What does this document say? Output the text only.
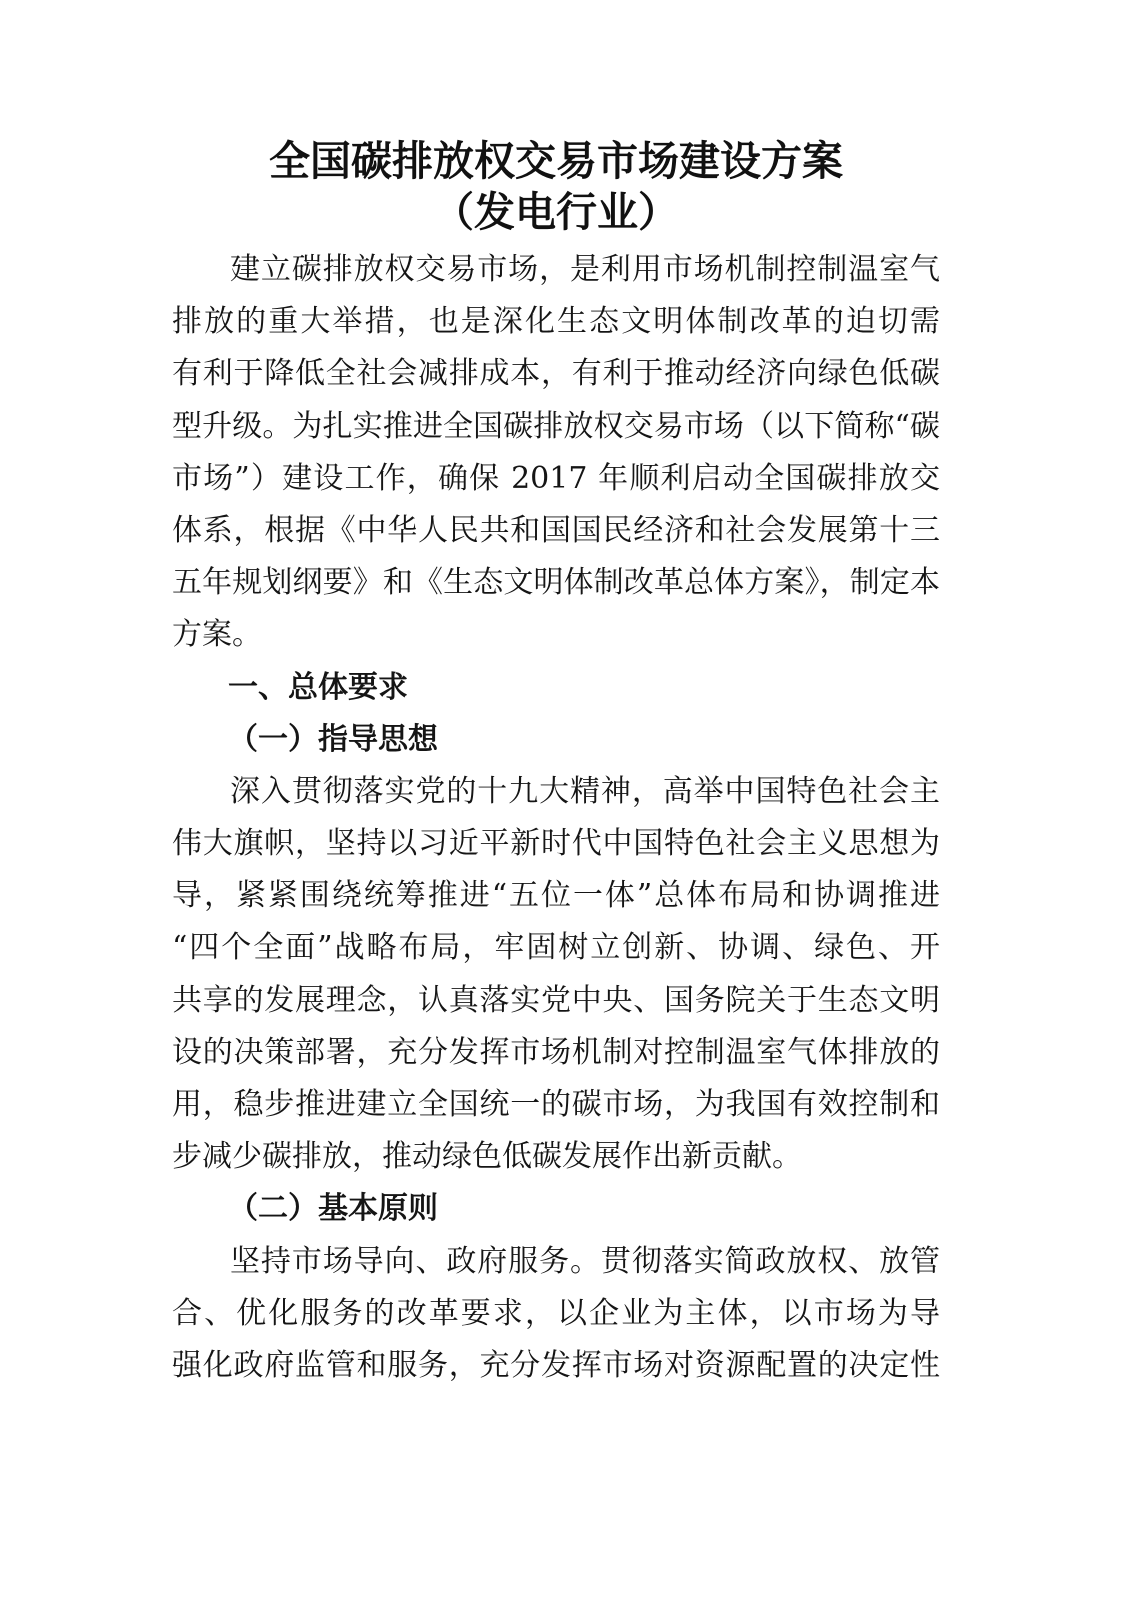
全国碳排放权交易市场建设方案
（发电行业）
建立碳排放权交易市场，是利用市场机制控制温室气
排放的重大举措，也是深化生态文明体制改革的迫切需
有利于降低全社会减排成本，有利于推动经济向绿色低碳
型升级。为扎实推进全国碳排放权交易市场（以下简称“碳
市场”）建设工作，确保 2017 年顺利启动全国碳排放交
体系，根据《中华人民共和国国民经济和社会发展第十三
五年规划纲要》和《生态文明体制改革总体方案》，制定本
方案。
一、总体要求
（一）指导思想
深入贯彻落实党的十九大精神，高举中国特色社会主
伟大旗帜，坚持以习近平新时代中国特色社会主义思想为
导，紧紧围绕统筹推进“五位一体”总体布局和协调推进
“四个全面”战略布局，牢固树立创新、协调、绿色、开
共享的发展理念，认真落实党中央、国务院关于生态文明
设的决策部署，充分发挥市场机制对控制温室气体排放的
用，稳步推进建立全国统一的碳市场，为我国有效控制和
步减少碳排放，推动绿色低碳发展作出新贡献。
（二）基本原则
坚持市场导向、政府服务。贯彻落实简政放权、放管
合、优化服务的改革要求，以企业为主体，以市场为导
强化政府监管和服务，充分发挥市场对资源配置的决定性
